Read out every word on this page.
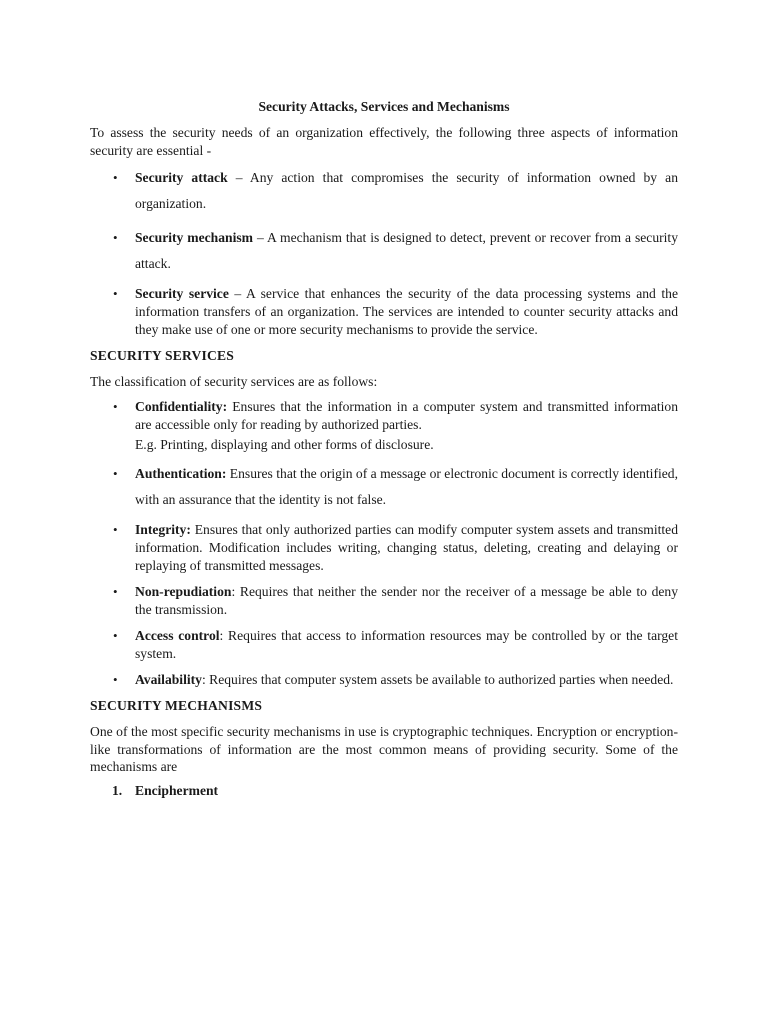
Security Attacks, Services and Mechanisms

To assess the security needs of an organization effectively, the following three aspects of information security are essential -

• Security attack – Any action that compromises the security of information owned by an organization.
• Security mechanism – A mechanism that is designed to detect, prevent or recover from a security attack.
• Security service – A service that enhances the security of the data processing systems and the information transfers of an organization. The services are intended to counter security attacks and they make use of one or more security mechanisms to provide the service.
SECURITY SERVICES

The classification of security services are as follows:

• Confidentiality: Ensures that the information in a computer system and transmitted information are accessible only for reading by authorized parties.
E.g. Printing, displaying and other forms of disclosure.
• Authentication: Ensures that the origin of a message or electronic document is correctly identified, with an assurance that the identity is not false.
• Integrity: Ensures that only authorized parties can modify computer system assets and transmitted information. Modification includes writing, changing status, deleting, creating and delaying or replaying of transmitted messages.
• Non-repudiation: Requires that neither the sender nor the receiver of a message be able to deny the transmission.
• Access control: Requires that access to information resources may be controlled by or the target system.
• Availability: Requires that computer system assets be available to authorized parties when needed.
SECURITY MECHANISMS

One of the most specific security mechanisms in use is cryptographic techniques. Encryption or encryption-like transformations of information are the most common means of providing security. Some of the mechanisms are

1. Encipherment
